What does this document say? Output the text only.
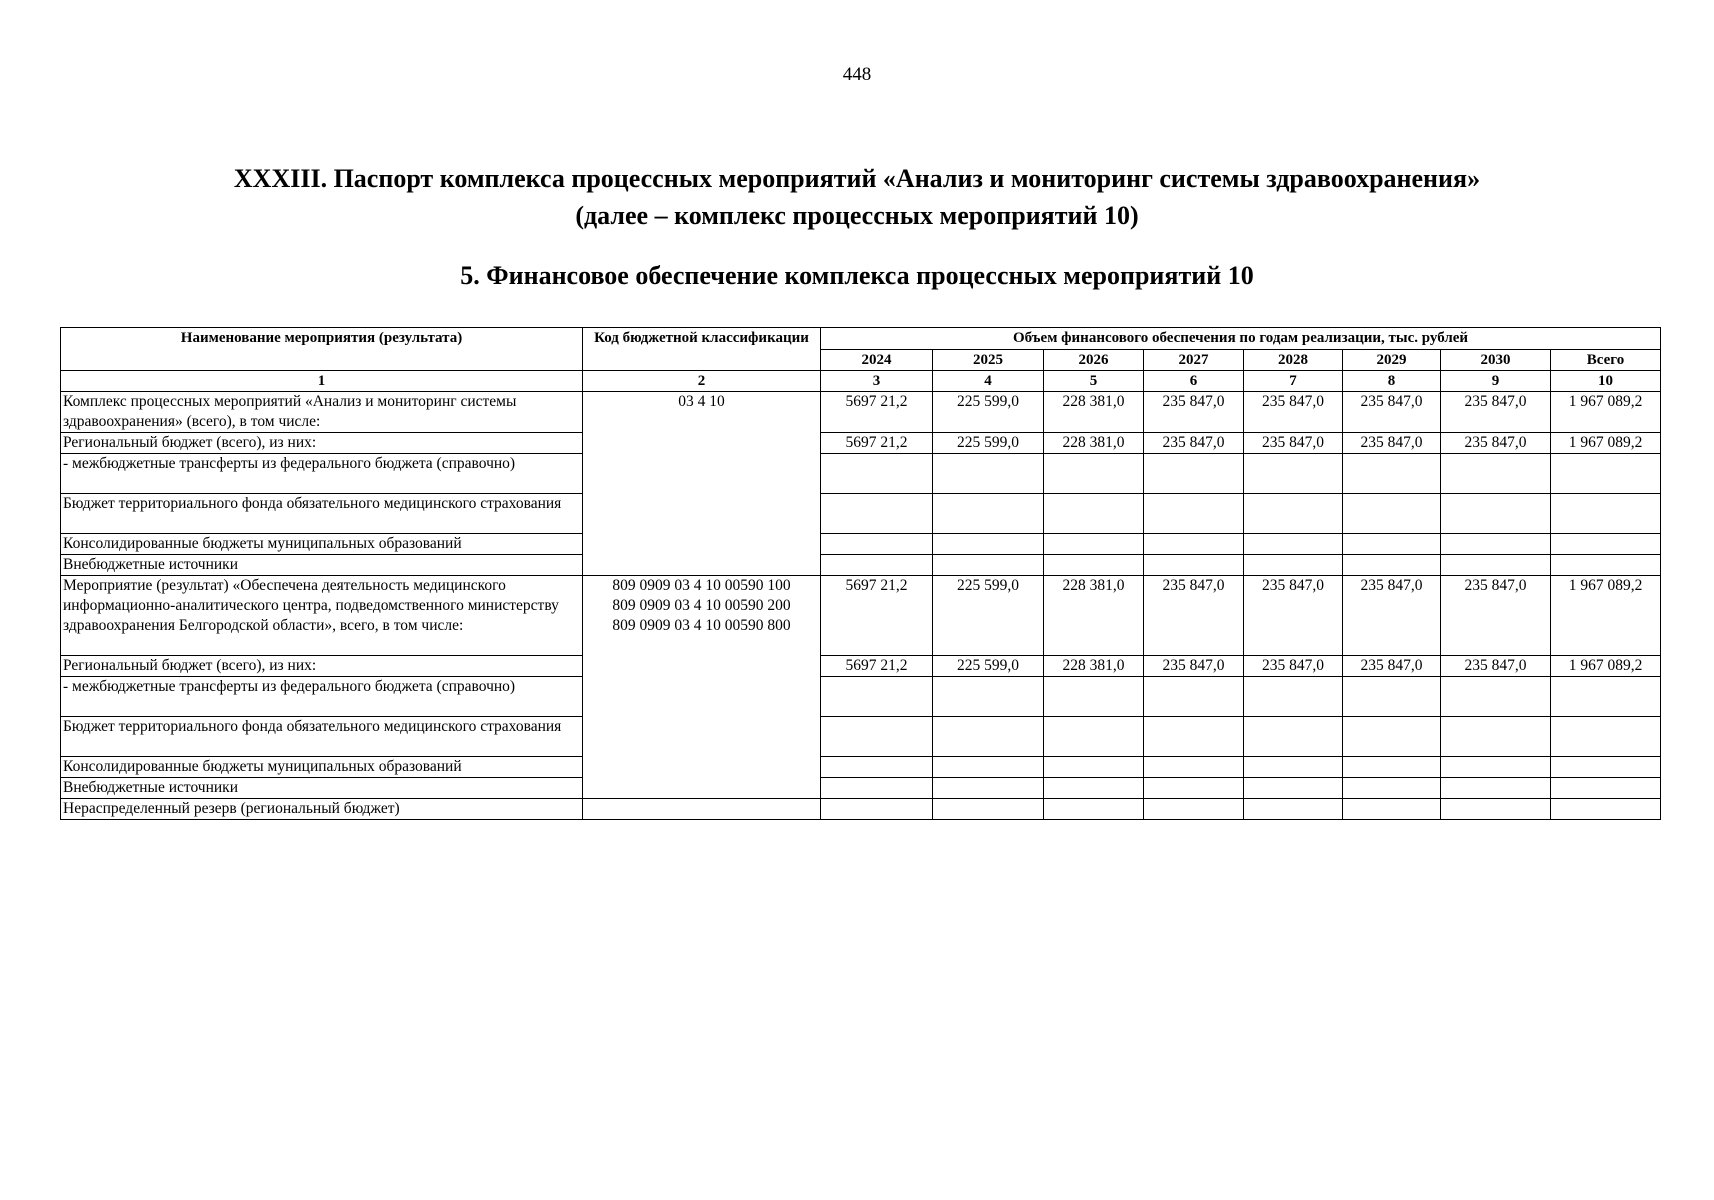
448
XXXIII. Паспорт комплекса процессных мероприятий «Анализ и мониторинг системы здравоохранения»
(далее – комплекс процессных мероприятий 10)
5. Финансовое обеспечение комплекса процессных мероприятий 10
Наименование мероприятия (результата)	Код бюджетной классификации	Объем финансового обеспечения по годам реализации, тыс. рублей							
		2024	2025	2026	2027	2028	2029	2030	Всего
1	2	3	4	5	6	7	8	9	10
Комплекс процессных мероприятий «Анализ и мониторинг системы здравоохранения» (всего), в том числе:	03 4 10	5697 21,2	225 599,0	228 381,0	235 847,0	235 847,0	235 847,0	235 847,0	1 967 089,2
Региональный бюджет (всего), из них:		5697 21,2	225 599,0	228 381,0	235 847,0	235 847,0	235 847,0	235 847,0	1 967 089,2
- межбюджетные трансферты из федерального бюджета (справочно)									
Бюджет территориального фонда обязательного медицинского страхования									
Консолидированные бюджеты муниципальных образований									
Внебюджетные источники									
Мероприятие (результат) «Обеспечена деятельность медицинского информационно-аналитического центра, подведомственного министерству здравоохранения Белгородской области», всего, в том числе:	809 0909 03 4 10 00590 100
809 0909 03 4 10 00590 200
809 0909 03 4 10 00590 800	5697 21,2	225 599,0	228 381,0	235 847,0	235 847,0	235 847,0	235 847,0	1 967 089,2
Региональный бюджет (всего), из них:		5697 21,2	225 599,0	228 381,0	235 847,0	235 847,0	235 847,0	235 847,0	1 967 089,2
- межбюджетные трансферты из федерального бюджета (справочно)									
Бюджет территориального фонда обязательного медицинского страхования									
Консолидированные бюджеты муниципальных образований									
Внебюджетные источники									
Нераспределенный резерв (региональный бюджет)									
